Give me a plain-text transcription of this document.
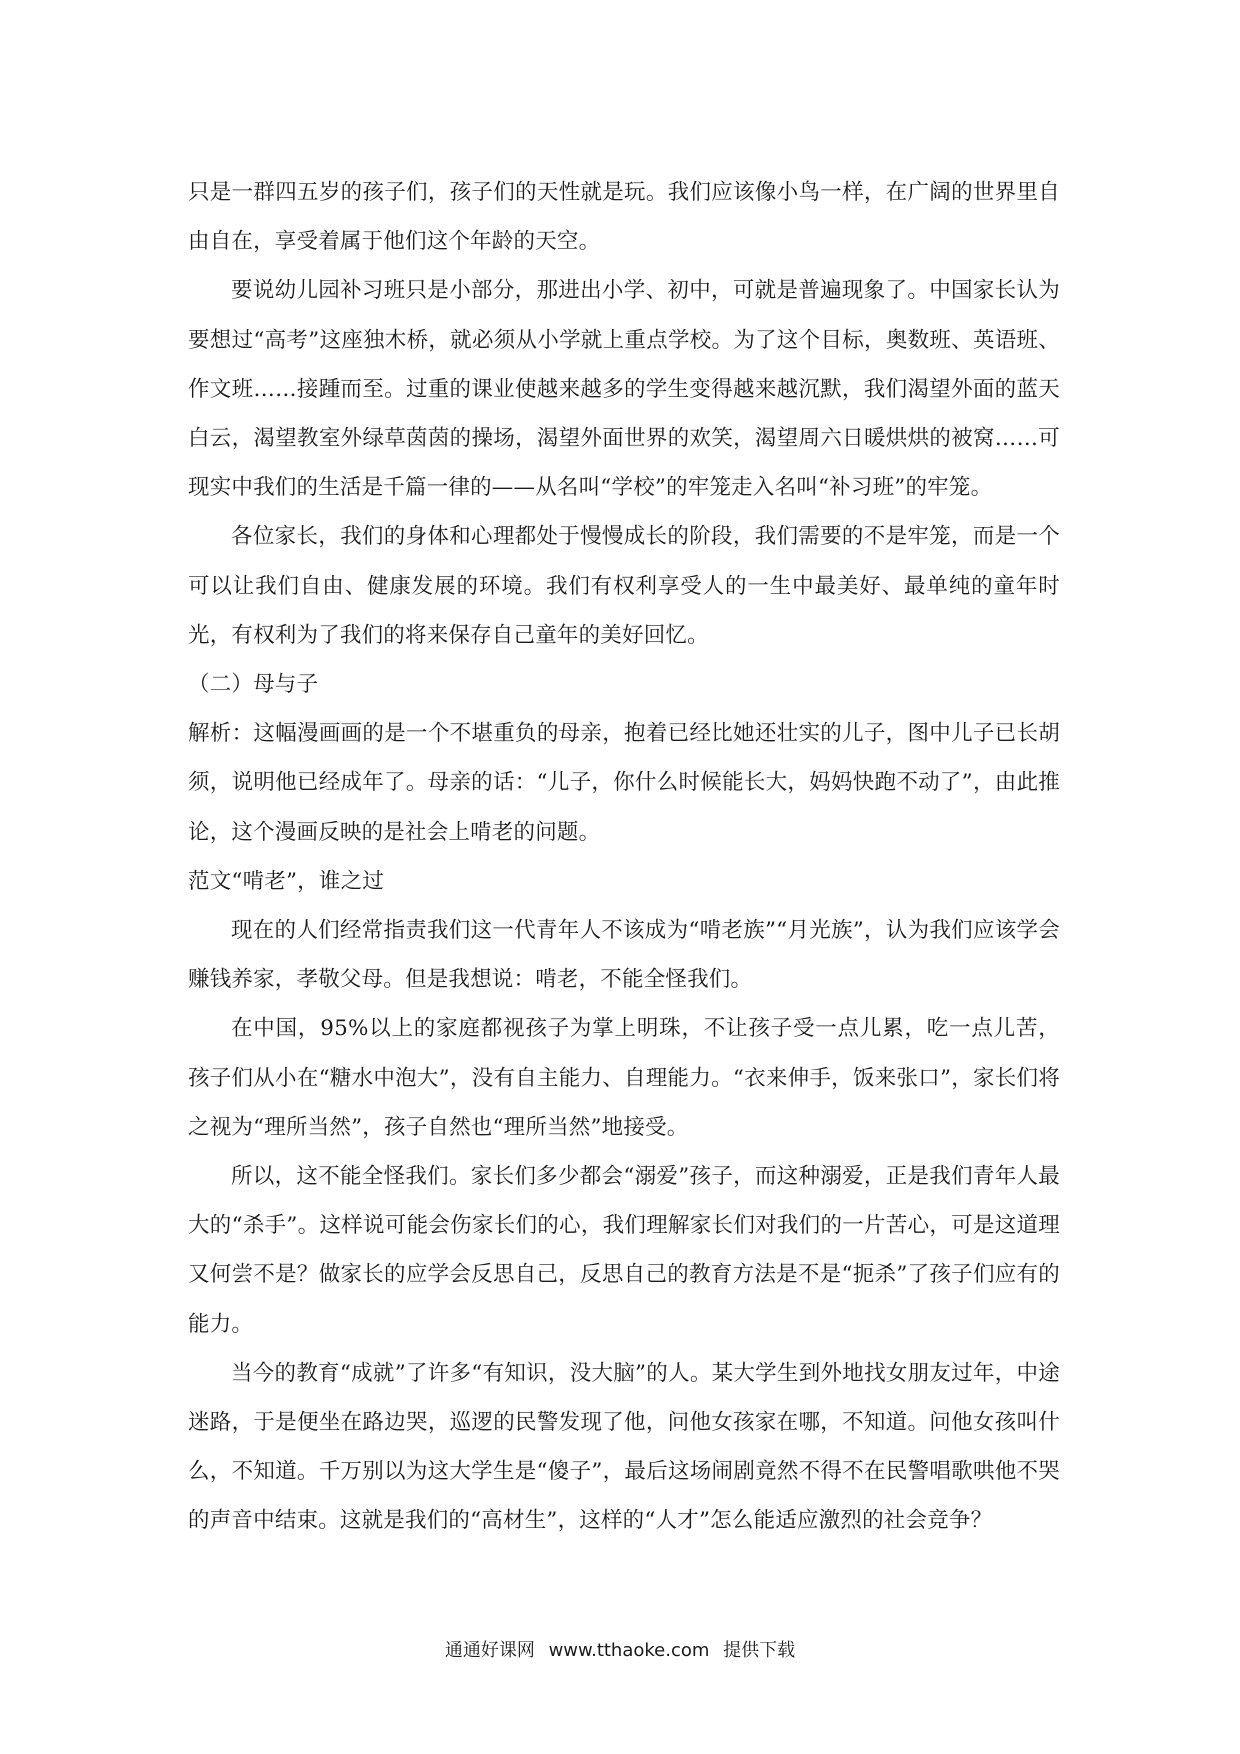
只是一群四五岁的孩子们，孩子们的天性就是玩。我们应该像小鸟一样，在广阔的世界里自由自在，享受着属于他们这个年龄的天空。

要说幼儿园补习班只是小部分，那进出小学、初中，可就是普遍现象了。中国家长认为要想过“高考”这座独木桥，就必须从小学就上重点学校。为了这个目标，奥数班、英语班、作文班……接踵而至。过重的课业使越来越多的学生变得越来越沉默，我们渴望外面的蓝天白云，渴望教室外绿草茵茵的操场，渴望外面世界的欢笑，渴望周六日暖烘烘的被窝……可现实中我们的生活是千篇一律的——从名叫“学校”的牢笼走入名叫“补习班”的牢笼。

各位家长，我们的身体和心理都处于慢慢成长的阶段，我们需要的不是牢笼，而是一个可以让我们自由、健康发展的环境。我们有权利享受人的一生中最美好、最单纯的童年时光，有权利为了我们的将来保存自己童年的美好回忆。

（二）母与子

解析：这幅漫画画的是一个不堪重负的母亲，抱着已经比她还壮实的儿子，图中儿子已长胡须，说明他已经成年了。母亲的话：“儿子，你什么时候能长大，妈妈快跑不动了”，由此推论，这个漫画反映的是社会上啃老的问题。

范文“啃老”，谁之过

现在的人们经常指责我们这一代青年人不该成为“啃老族”“月光族”，认为我们应该学会赚钱养家，孝敬父母。但是我想说：啃老，不能全怪我们。

在中国，95%以上的家庭都视孩子为掌上明珠，不让孩子受一点儿累，吃一点儿苦，孩子们从小在“糖水中泡大”，没有自主能力、自理能力。“衣来伸手，饭来张口”，家长们将之视为“理所当然”，孩子自然也“理所当然”地接受。

所以，这不能全怪我们。家长们多少都会“溺爱”孩子，而这种溺爱，正是我们青年人最大的“杀手”。这样说可能会伤家长们的心，我们理解家长们对我们的一片苦心，可是这道理又何尝不是？做家长的应学会反思自己，反思自己的教育方法是不是“扼杀”了孩子们应有的能力。

当今的教育“成就”了许多“有知识，没大脑”的人。某大学生到外地找女朋友过年，中途迷路，于是便坐在路边哭，巡逻的民警发现了他，问他女孩家在哪，不知道。问他女孩叫什么，不知道。千万别以为这大学生是“傻子”，最后这场闹剧竟然不得不在民警唱歌哄他不哭的声音中结束。这就是我们的“高材生”，这样的“人才”怎么能适应激烈的社会竞争？

通通好课网 www.tthaoke.com 提供下载
